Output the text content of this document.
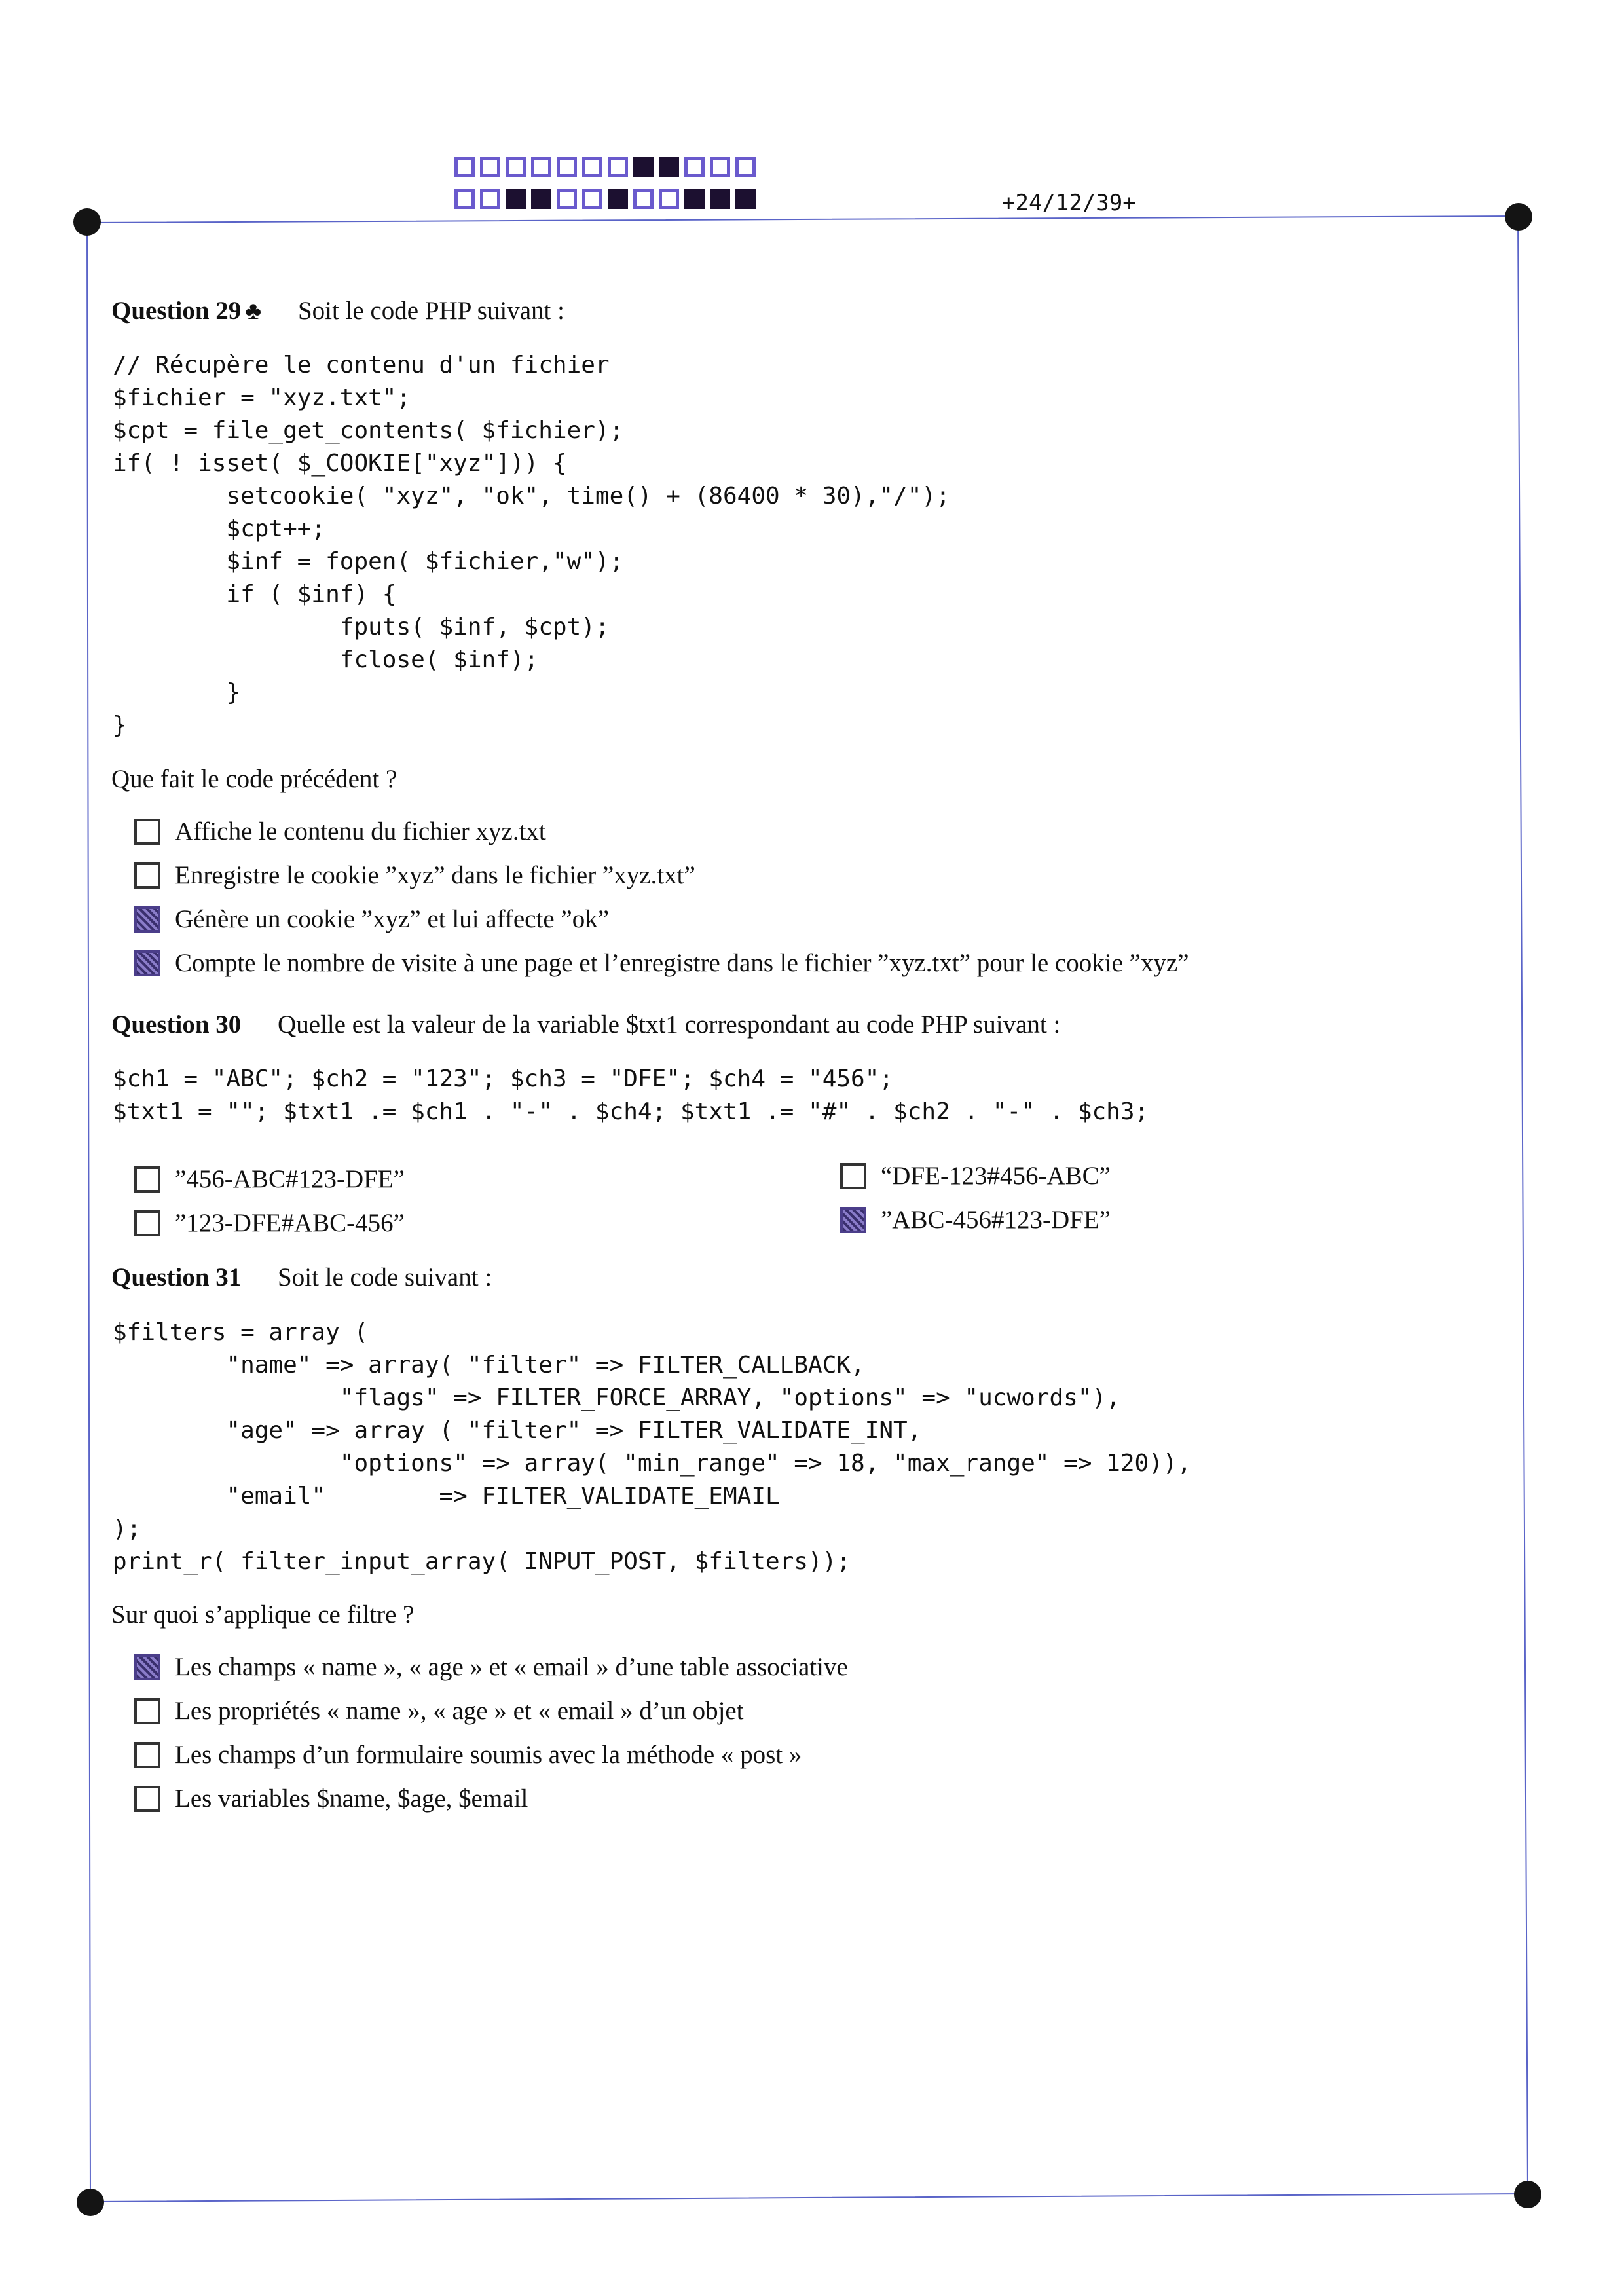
+24/12/39+
Question 29 ♣ Soit le code PHP suivant :
// Récupère le contenu d'un fichier
$fichier = "xyz.txt";
$cpt = file_get_contents( $fichier);
if( ! isset( $_COOKIE["xyz"])) {
setcookie( "xyz", "ok", time() + (86400 * 30),"/");
$cpt++;
$inf = fopen( $fichier,"w");
if ( $inf) {
fputs( $inf, $cpt);
fclose( $inf);
}
}
Que fait le code précédent ?
Affiche le contenu du fichier xyz.txt
Enregistre le cookie ”xyz” dans le fichier ”xyz.txt”
Génère un cookie ”xyz” et lui affecte ”ok”
Compte le nombre de visite à une page et l’enregistre dans le fichier ”xyz.txt” pour le cookie ”xyz”
Question 30 Quelle est la valeur de la variable $txt1 correspondant au code PHP suivant :
$ch1 = "ABC"; $ch2 = "123"; $ch3 = "DFE"; $ch4 = "456";
$txt1 = ""; $txt1 .= $ch1 . "-" . $ch4; $txt1 .= "#" . $ch2 . "-" . $ch3;
”456-ABC#123-DFE”
”123-DFE#ABC-456”
“DFE-123#456-ABC”
”ABC-456#123-DFE”
Question 31 Soit le code suivant :
$filters = array (
"name" => array( "filter" => FILTER_CALLBACK,
"flags" => FILTER_FORCE_ARRAY, "options" => "ucwords"),
"age" => array ( "filter" => FILTER_VALIDATE_INT,
"options" => array( "min_range" => 18, "max_range" => 120)),
"email"        => FILTER_VALIDATE_EMAIL
);
print_r( filter_input_array( INPUT_POST, $filters));
Sur quoi s’applique ce filtre ?
Les champs « name », « age » et « email » d’une table associative
Les propriétés « name », « age » et « email » d’un objet
Les champs d’un formulaire soumis avec la méthode « post »
Les variables $name, $age, $email
